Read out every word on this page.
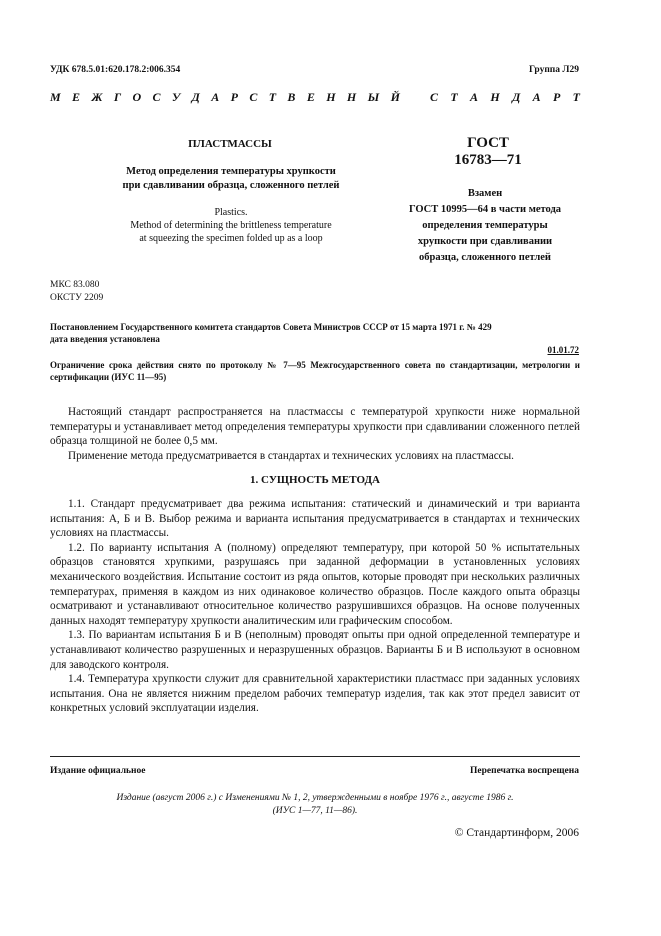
УДК 678.5.01:620.178.2:006.354	Группа Л29
М Е Ж Г О С У Д А Р С Т В Е Н Н Ы Й	С Т А Н Д А Р Т
ПЛАСТМАССЫ
Метод определения температуры хрупкости
при сдавливании образца, сложенного петлей
Plastics.
Method of determining the brittleness temperature
at squeezing the specimen folded up as a loop
ГОСТ
16783—71
Взамен
ГОСТ 10995—64 в части метода
определения температуры
хрупкости при сдавливании
образца, сложенного петлей
МКС 83.080
ОКСТУ 2209
Постановлением Государственного комитета стандартов Совета Министров СССР от 15 марта 1971 г. № 429
дата введения установлена
01.01.72
Ограничение срока действия снято по протоколу № 7—95 Межгосударственного совета по стандартизации, метрологии и сертификации (ИУС 11—95)

Настоящий стандарт распространяется на пластмассы с температурой хрупкости ниже нормальной температуры и устанавливает метод определения температуры хрупкости при сдавливании сложенного петлей образца толщиной не более 0,5 мм.

Применение метода предусматривается в стандартах и технических условиях на пластмассы.

1. СУЩНОСТЬ МЕТОДА

1.1. Стандарт предусматривает два режима испытания: статический и динамический и три варианта испытания: А, Б и В. Выбор режима и варианта испытания предусматривается в стандартах и технических условиях на пластмассы.

1.2. По варианту испытания А (полному) определяют температуру, при которой 50 % испытательных образцов становятся хрупкими, разрушаясь при заданной деформации в установленных условиях механического воздействия. Испытание состоит из ряда опытов, которые проводят при нескольких различных температурах, применяя в каждом из них одинаковое количество образцов. После каждого опыта образцы осматривают и устанавливают относительное количество разрушившихся образцов. На основе полученных данных находят температуру хрупкости аналитическим или графическим способом.

1.3. По вариантам испытания Б и В (неполным) проводят опыты при одной определенной температуре и устанавливают количество разрушенных и неразрушенных образцов. Варианты Б и В используют в основном для заводского контроля.

1.4. Температура хрупкости служит для сравнительной характеристики пластмасс при заданных условиях испытания. Она не является нижним пределом рабочих температур изделия, так как этот предел зависит от конкретных условий эксплуатации изделия.

Издание официальное	Перепечатка воспрещена
Издание (август 2006 г.) с Изменениями № 1, 2, утвержденными в ноябре 1976 г., августе 1986 г.
(ИУС 1—77, 11—86).
© Стандартинформ, 2006
